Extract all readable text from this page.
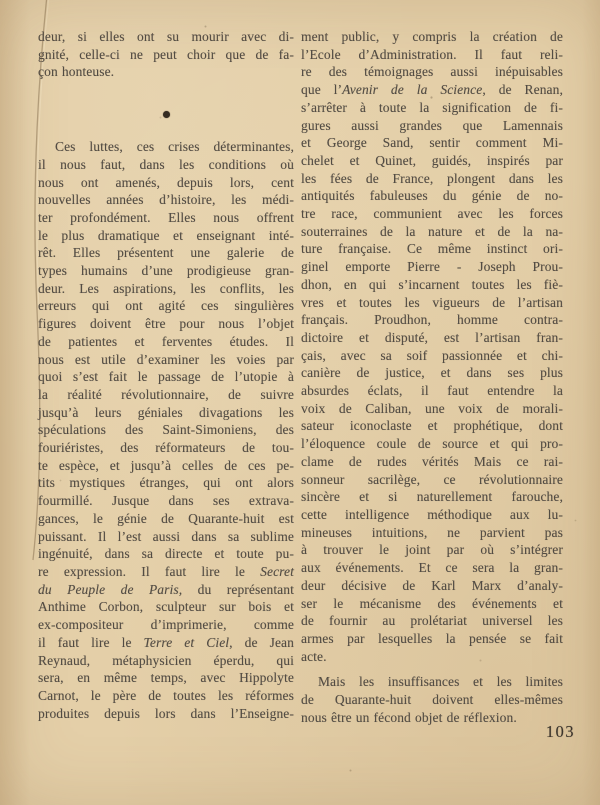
deur, si elles ont su mourir avec di-
gnité, celle-ci ne peut choir que de fa-
çon honteuse.
Ces luttes, ces crises déterminantes,
il nous faut, dans les conditions où
nous ont amenés, depuis lors, cent
nouvelles années d’histoire, les médi-
ter profondément. Elles nous offrent
le plus dramatique et enseignant inté-
rêt. Elles présentent une galerie de
types humains d’une prodigieuse gran-
deur. Les aspirations, les conflits, les
erreurs qui ont agité ces singulières
figures doivent être pour nous l’objet
de patientes et ferventes études. Il
nous est utile d’examiner les voies par
quoi s’est fait le passage de l’utopie à
la réalité révolutionnaire, de suivre
jusqu’à leurs géniales divagations les
spéculations des Saint-Simoniens, des
fouriéristes, des réformateurs de tou-
te espèce, et jusqu’à celles de ces pe-
tits mystiques étranges, qui ont alors
fourmillé. Jusque dans ses extrava-
gances, le génie de Quarante-huit est
puissant. Il l’est aussi dans sa sublime
ingénuité, dans sa directe et toute pu-
re expression. Il faut lire le Secret
du Peuple de Paris, du représentant
Anthime Corbon, sculpteur sur bois et
ex-compositeur d’imprimerie, comme
il faut lire le Terre et Ciel, de Jean
Reynaud, métaphysicien éperdu, qui
sera, en même temps, avec Hippolyte
Carnot, le père de toutes les réformes
produites depuis lors dans l’Enseigne-
ment public, y compris la création de
l’Ecole d’Administration. Il faut reli-
re des témoignages aussi inépuisables
que l’Avenir de la Science, de Renan,
s’arrêter à toute la signification de fi-
gures aussi grandes que Lamennais
et George Sand, sentir comment Mi-
chelet et Quinet, guidés, inspirés par
les fées de France, plongent dans les
antiquités fabuleuses du génie de no-
tre race, communient avec les forces
souterraines de la nature et de la na-
ture française. Ce même instinct ori-
ginel emporte Pierre - Joseph Prou-
dhon, en qui s’incarnent toutes les fiè-
vres et toutes les vigueurs de l’artisan
français. Proudhon, homme contra-
dictoire et disputé, est l’artisan fran-
çais, avec sa soif passionnée et chi-
canière de justice, et dans ses plus
absurdes éclats, il faut entendre la
voix de Caliban, une voix de morali-
sateur iconoclaste et prophétique, dont
l’éloquence coule de source et qui pro-
clame de rudes vérités Mais ce rai-
sonneur sacrilège, ce révolutionnaire
sincère et si naturellement farouche,
cette intelligence méthodique aux lu-
mineuses intuitions, ne parvient pas
à trouver le joint par où s’intégrer
aux événements. Et ce sera la gran-
deur décisive de Karl Marx d’analy-
ser le mécanisme des événements et
de fournir au prolétariat universel les
armes par lesquelles la pensée se fait
acte.
Mais les insuffisances et les limites
de Quarante-huit doivent elles-mêmes
nous être un fécond objet de réflexion.
103
